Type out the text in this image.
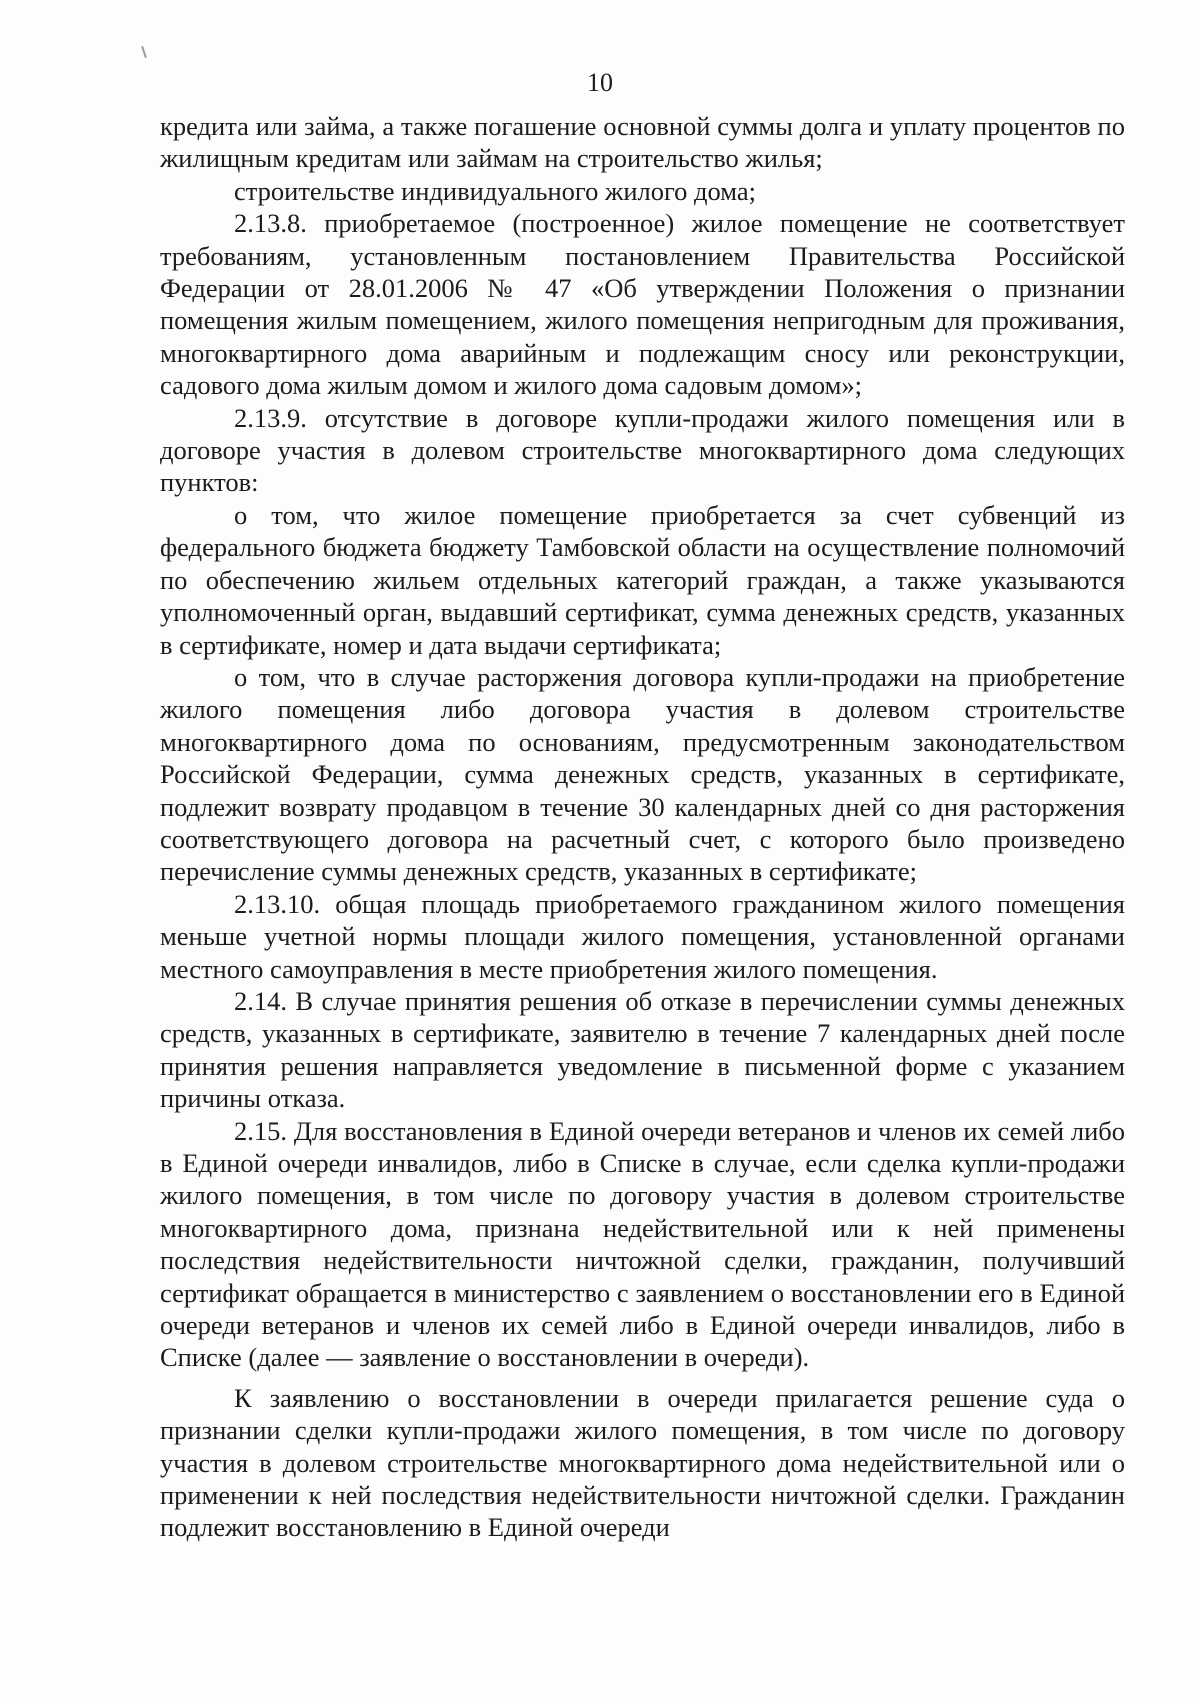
10

кредита или займа, а также погашение основной суммы долга и уплату процентов по жилищным кредитам или займам на строительство жилья;

строительстве индивидуального жилого дома;

2.13.8. приобретаемое (построенное) жилое помещение не соответствует требованиям, установленным постановлением Правительства Российской Федерации от 28.01.2006 № 47 «Об утверждении Положения о признании помещения жилым помещением, жилого помещения непригодным для проживания, многоквартирного дома аварийным и подлежащим сносу или реконструкции, садового дома жилым домом и жилого дома садовым домом»;

2.13.9. отсутствие в договоре купли-продажи жилого помещения или в договоре участия в долевом строительстве многоквартирного дома следующих пунктов:

о том, что жилое помещение приобретается за счет субвенций из федерального бюджета бюджету Тамбовской области на осуществление полномочий по обеспечению жильем отдельных категорий граждан, а также указываются уполномоченный орган, выдавший сертификат, сумма денежных средств, указанных в сертификате, номер и дата выдачи сертификата;

о том, что в случае расторжения договора купли-продажи на приобретение жилого помещения либо договора участия в долевом строительстве многоквартирного дома по основаниям, предусмотренным законодательством Российской Федерации, сумма денежных средств, указанных в сертификате, подлежит возврату продавцом в течение 30 календарных дней со дня расторжения соответствующего договора на расчетный счет, с которого было произведено перечисление суммы денежных средств, указанных в сертификате;

2.13.10. общая площадь приобретаемого гражданином жилого помещения меньше учетной нормы площади жилого помещения, установленной органами местного самоуправления в месте приобретения жилого помещения.

2.14. В случае принятия решения об отказе в перечислении суммы денежных средств, указанных в сертификате, заявителю в течение 7 календарных дней после принятия решения направляется уведомление в письменной форме с указанием причины отказа.

2.15. Для восстановления в Единой очереди ветеранов и членов их семей либо в Единой очереди инвалидов, либо в Списке в случае, если сделка купли-продажи жилого помещения, в том числе по договору участия в долевом строительстве многоквартирного дома, признана недействительной или к ней применены последствия недействительности ничтожной сделки, гражданин, получивший сертификат обращается в министерство с заявлением о восстановлении его в Единой очереди ветеранов и членов их семей либо в Единой очереди инвалидов, либо в Списке (далее — заявление о восстановлении в очереди).

К заявлению о восстановлении в очереди прилагается решение суда о признании сделки купли-продажи жилого помещения, в том числе по договору участия в долевом строительстве многоквартирного дома недействительной или о применении к ней последствия недействительности ничтожной сделки. Гражданин подлежит восстановлению в Единой очереди
